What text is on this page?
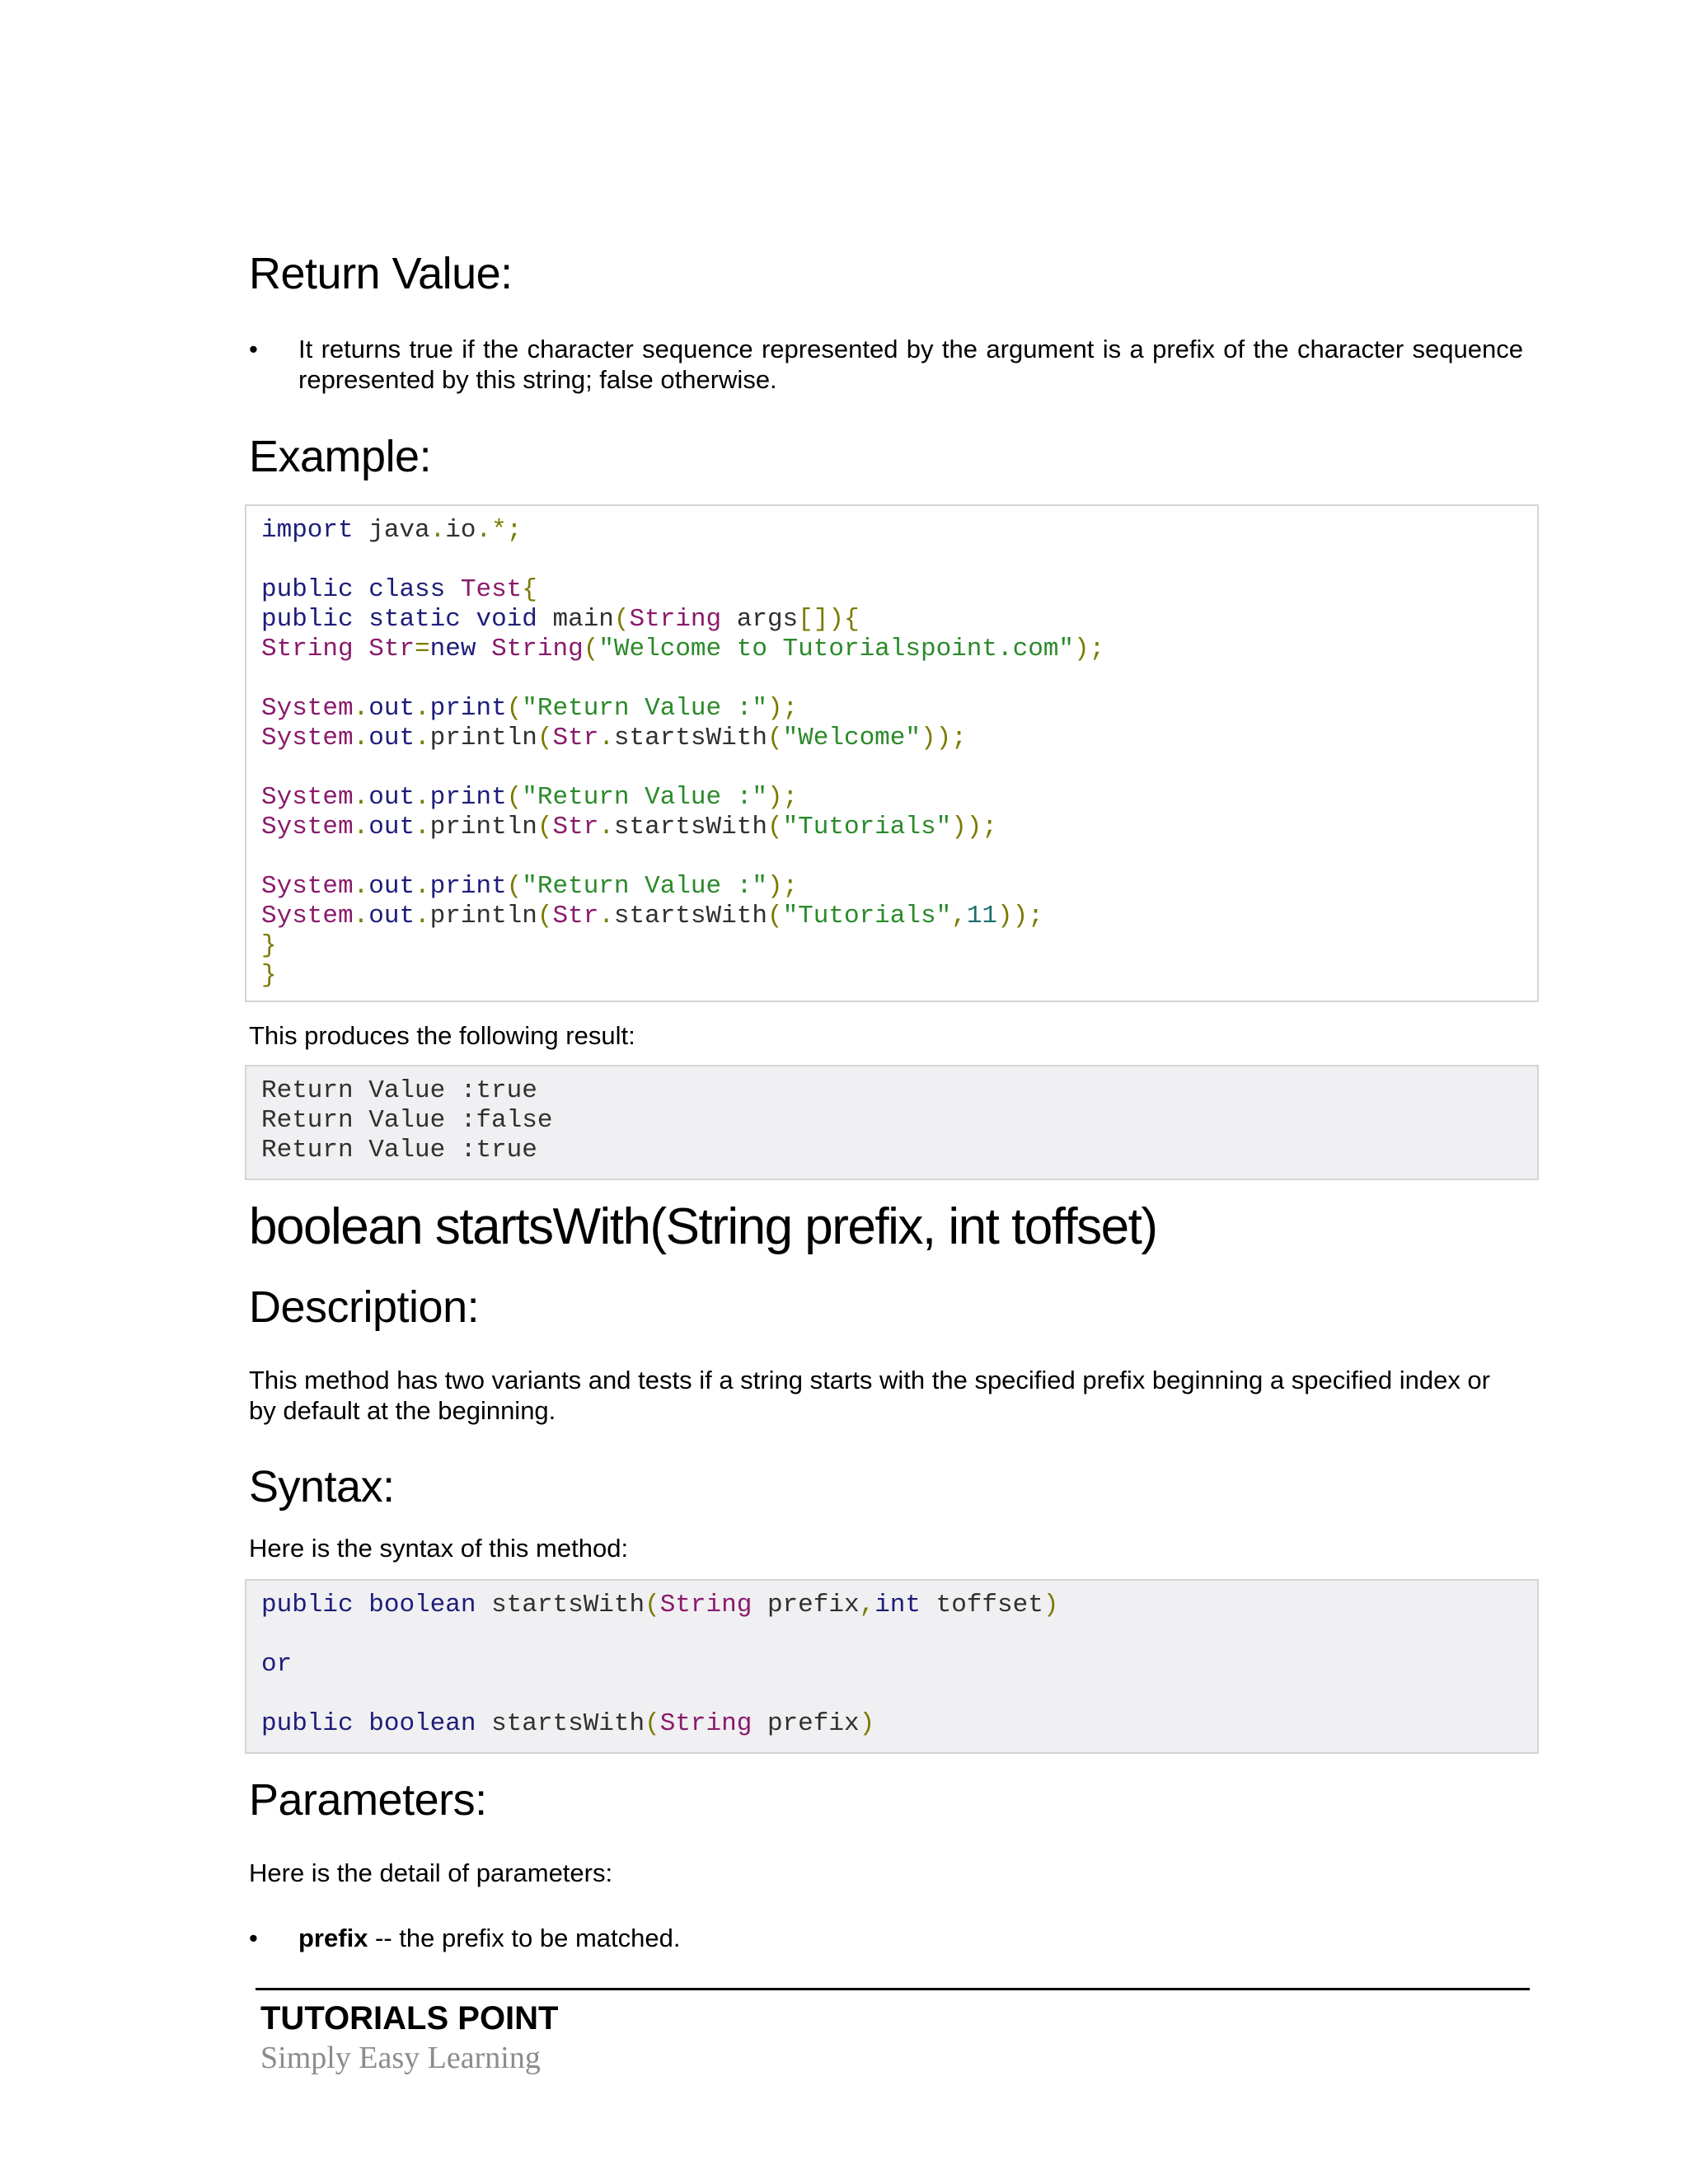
Return Value:
•	It returns true if the character sequence represented by the argument is a prefix of the character sequence represented by this string; false otherwise.
Example:
import java.io.*;

public class Test{
public static void main(String args[]){
String Str=new String("Welcome to Tutorialspoint.com");

System.out.print("Return Value :");
System.out.println(Str.startsWith("Welcome"));

System.out.print("Return Value :");
System.out.println(Str.startsWith("Tutorials"));

System.out.print("Return Value :");
System.out.println(Str.startsWith("Tutorials",11));
}
}

This produces the following result:

Return Value :true
Return Value :false
Return Value :true
boolean startsWith(String prefix, int toffset)
Description:

This method has two variants and tests if a string starts with the specified prefix beginning a specified index or by default at the beginning.

Syntax:

Here is the syntax of this method:

public boolean startsWith(String prefix,int toffset)

or

public boolean startsWith(String prefix)
Parameters:

Here is the detail of parameters:

•	prefix -- the prefix to be matched.
TUTORIALS POINT
Simply Easy Learning
